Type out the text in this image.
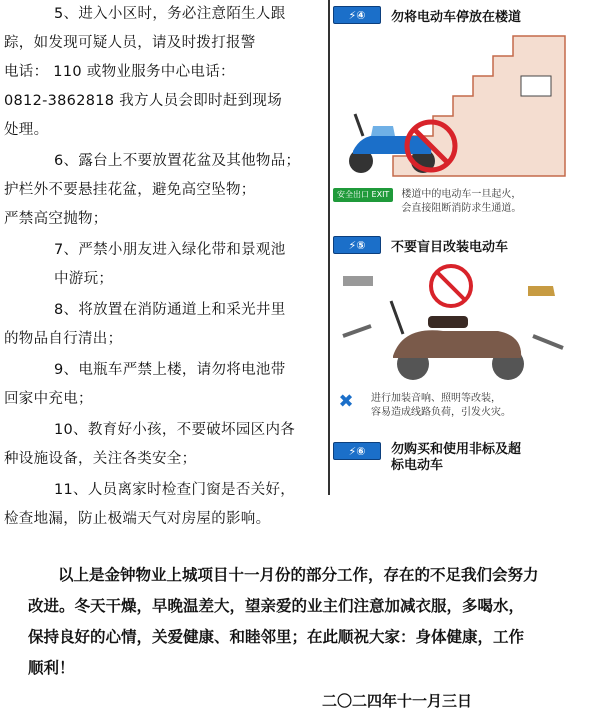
5、进入小区时，务必注意陌生人跟
踪，如发现可疑人员，请及时拨打报警
电话： 110 或物业服务中心电话：
0812-3862818 我方人员会即时赶到现场
处理。

6、露台上不要放置花盆及其他物品；
护栏外不要悬挂花盆，避免高空坠物；
严禁高空抛物；

7、严禁小朋友进入绿化带和景观池
中游玩；

8、将放置在消防通道上和采光井里
的物品自行清出；

9、电瓶车严禁上楼，请勿将电池带
回家中充电；

10、教育好小孩，不要破坏园区内各
种设施设备，关注各类安全；

11、人员离家时检查门窗是否关好，
检查地漏，防止极端天气对房屋的影响。

⚡ ④ 勿将电动车停放在楼道
安全出口 EXIT	楼道中的电动车一旦起火，
会直接阻断消防求生通道。
⚡ ⑤ 不要盲目改装电动车
✖	进行加装音响、照明等改装，
容易造成线路负荷，引发火灾。
⚡ ⑥ 勿购买和使用非标及超
标电动车

以上是金钟物业上城项目十一月份的部分工作，存在的不足我们会努力
改进。冬天干燥，早晚温差大，望亲爱的业主们注意加减衣服，多喝水，
保持良好的心情，关爱健康、和睦邻里；在此顺祝大家：身体健康，工作
顺利！

二〇二四年十一月三日
